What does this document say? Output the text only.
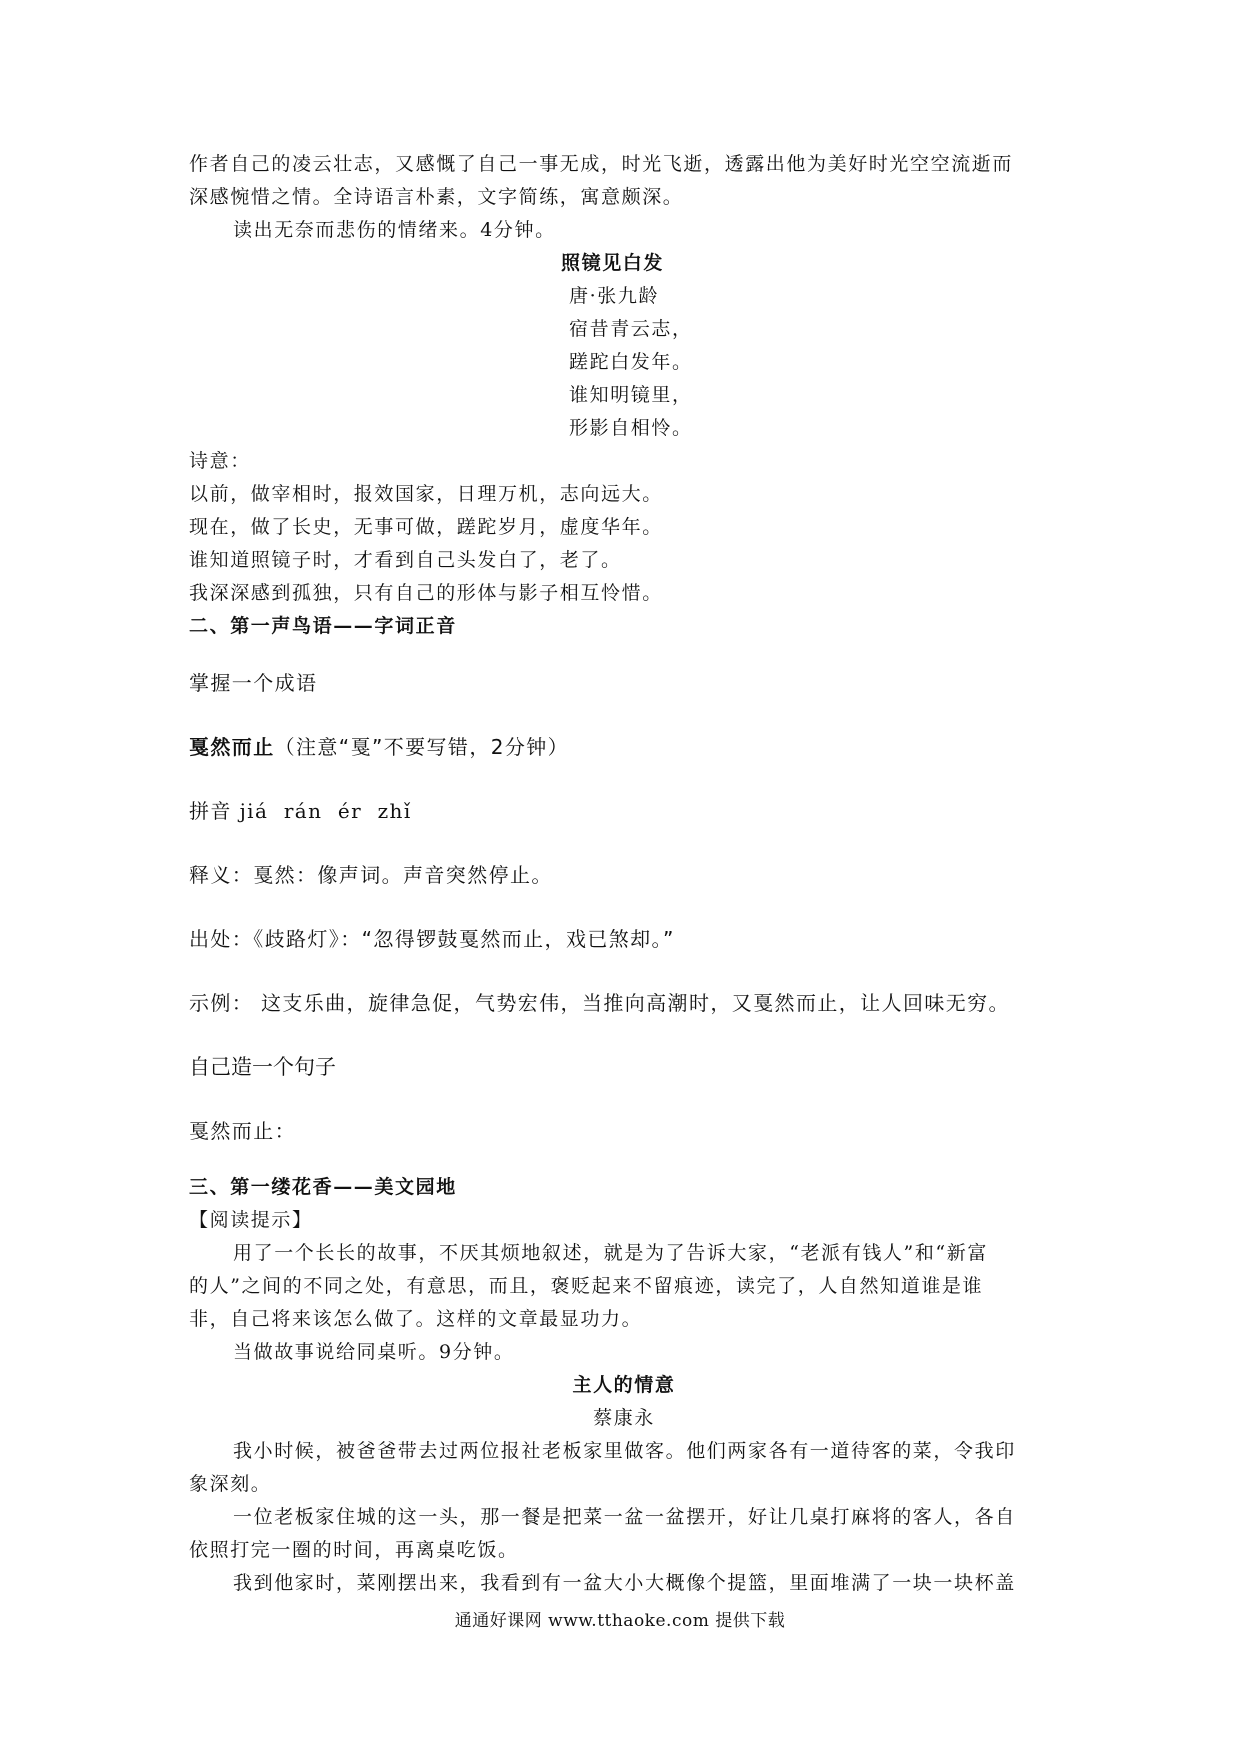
作者自己的凌云壮志，又感慨了自己一事无成，时光飞逝，透露出他为美好时光空空流逝而

深感惋惜之情。全诗语言朴素，文字简练，寓意颇深。

读出无奈而悲伤的情绪来。4分钟。

照镜见白发

唐·张九龄

宿昔青云志，

蹉跎白发年。

谁知明镜里，

形影自相怜。

诗意：

以前，做宰相时，报效国家，日理万机，志向远大。

现在，做了长史，无事可做，蹉跎岁月，虚度华年。

谁知道照镜子时，才看到自己头发白了，老了。

我深深感到孤独，只有自己的形体与影子相互怜惜。

二、第一声鸟语——字词正音

掌握一个成语

戛然而止（注意“戛”不要写错，2分钟）

拼音 jiá  rán  ér  zhǐ

释义：戛然：像声词。声音突然停止。

出处：《歧路灯》：“忽得锣鼓戛然而止，戏已煞却。”

示例： 这支乐曲，旋律急促，气势宏伟，当推向高潮时，又戛然而止，让人回味无穷。

自己造一个句子

戛然而止：

三、第一缕花香——美文园地

【阅读提示】

用了一个长长的故事，不厌其烦地叙述，就是为了告诉大家，“老派有钱人”和“新富

的人”之间的不同之处，有意思，而且，褒贬起来不留痕迹，读完了，人自然知道谁是谁

非，自己将来该怎么做了。这样的文章最显功力。

当做故事说给同桌听。9分钟。

主人的情意

蔡康永

我小时候，被爸爸带去过两位报社老板家里做客。他们两家各有一道待客的菜，令我印

象深刻。

一位老板家住城的这一头，那一餐是把菜一盆一盆摆开，好让几桌打麻将的客人，各自

依照打完一圈的时间，再离桌吃饭。

我到他家时，菜刚摆出来，我看到有一盆大小大概像个提篮，里面堆满了一块一块杯盖

通通好课网 www.tthaoke.com 提供下载
